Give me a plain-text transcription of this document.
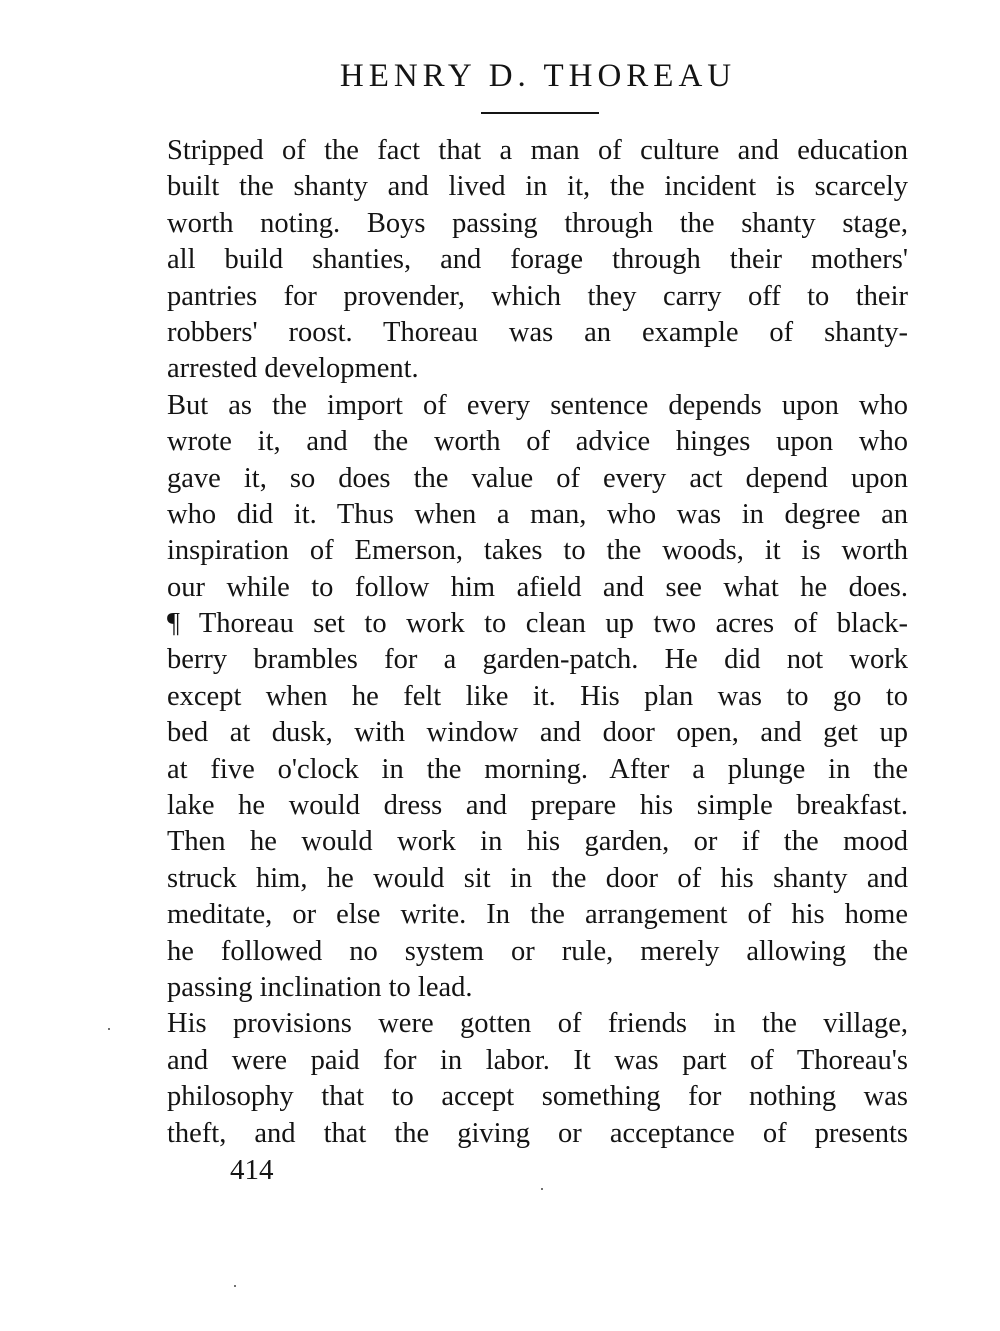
HENRY D. THOREAU
Stripped of the fact that a man of culture and education
built the shanty and lived in it, the incident is scarcely
worth noting. Boys passing through the shanty stage,
all build shanties, and forage through their mothers'
pantries for provender, which they carry off to their
robbers' roost. Thoreau was an example of shanty-
arrested development.
But as the import of every sentence depends upon who
wrote it, and the worth of advice hinges upon who
gave it, so does the value of every act depend upon
who did it. Thus when a man, who was in degree an
inspiration of Emerson, takes to the woods, it is worth
our while to follow him afield and see what he does.
¶ Thoreau set to work to clean up two acres of black-
berry brambles for a garden-patch. He did not work
except when he felt like it. His plan was to go to
bed at dusk, with window and door open, and get up
at five o'clock in the morning. After a plunge in the
lake he would dress and prepare his simple breakfast.
Then he would work in his garden, or if the mood
struck him, he would sit in the door of his shanty and
meditate, or else write. In the arrangement of his home
he followed no system or rule, merely allowing the
passing inclination to lead.
His provisions were gotten of friends in the village,
and were paid for in labor. It was part of Thoreau's
philosophy that to accept something for nothing was
theft, and that the giving or acceptance of presents
414
